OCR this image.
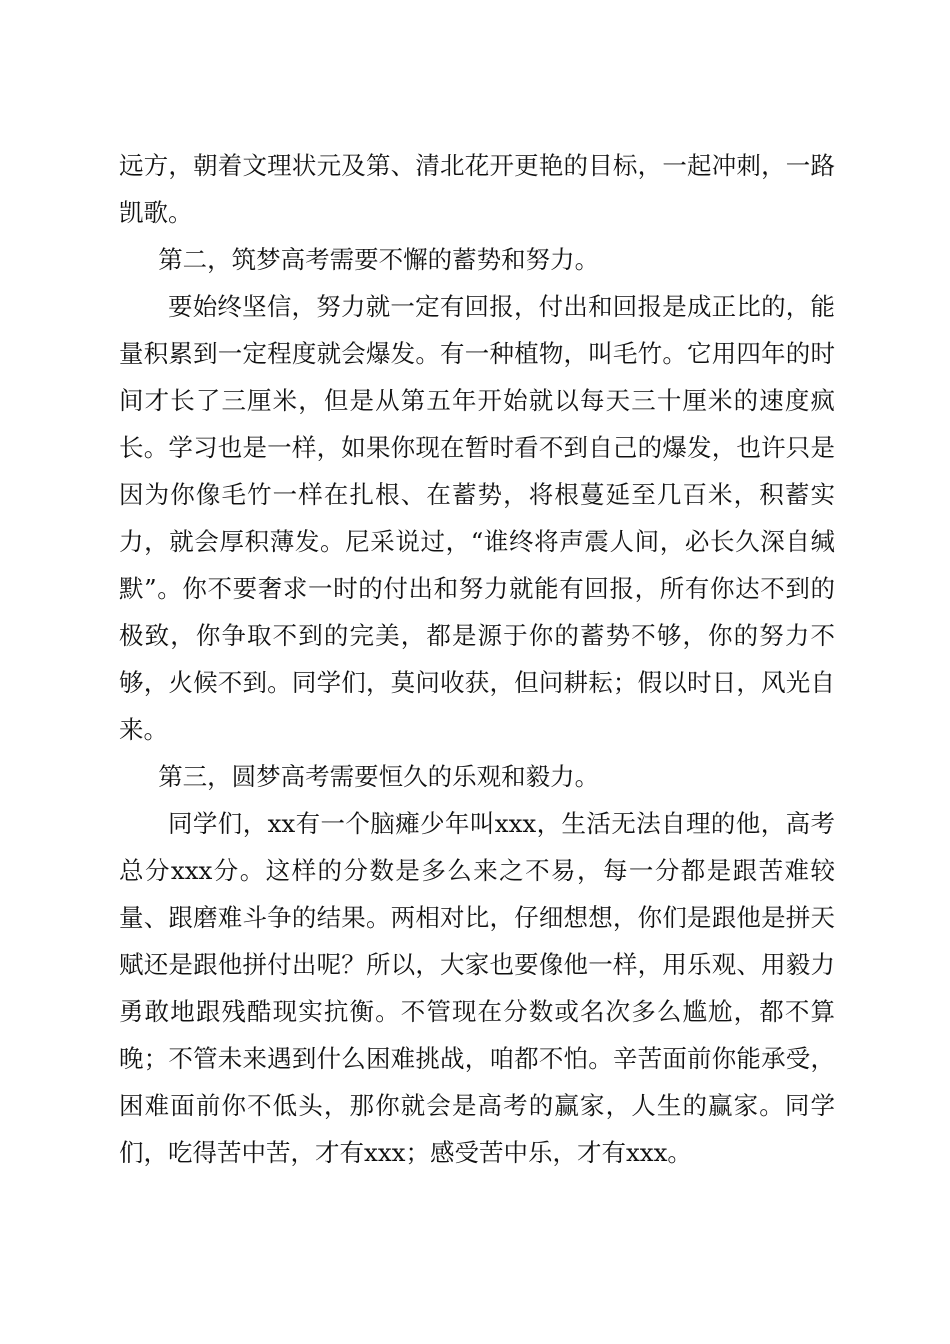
远方，朝着文理状元及第、清北花开更艳的目标，一起冲刺，一路凯歌。

第二，筑梦高考需要不懈的蓄势和努力。

要始终坚信，努力就一定有回报，付出和回报是成正比的，能量积累到一定程度就会爆发。有一种植物，叫毛竹。它用四年的时间才长了三厘米，但是从第五年开始就以每天三十厘米的速度疯长。学习也是一样，如果你现在暂时看不到自己的爆发，也许只是因为你像毛竹一样在扎根、在蓄势，将根蔓延至几百米，积蓄实力，就会厚积薄发。尼采说过，“谁终将声震人间，必长久深自缄默”。你不要奢求一时的付出和努力就能有回报，所有你达不到的极致，你争取不到的完美，都是源于你的蓄势不够，你的努力不够，火候不到。同学们，莫问收获，但问耕耘；假以时日，风光自来。

第三，圆梦高考需要恒久的乐观和毅力。

同学们，xx有一个脑瘫少年叫xxx，生活无法自理的他，高考总分xxx分。这样的分数是多么来之不易，每一分都是跟苦难较量、跟磨难斗争的结果。两相对比，仔细想想，你们是跟他是拼天赋还是跟他拼付出呢？所以，大家也要像他一样，用乐观、用毅力勇敢地跟残酷现实抗衡。不管现在分数或名次多么尴尬，都不算晚；不管未来遇到什么困难挑战，咱都不怕。辛苦面前你能承受，困难面前你不低头，那你就会是高考的赢家，人生的赢家。同学们，吃得苦中苦，才有xxx；感受苦中乐，才有xxx。
